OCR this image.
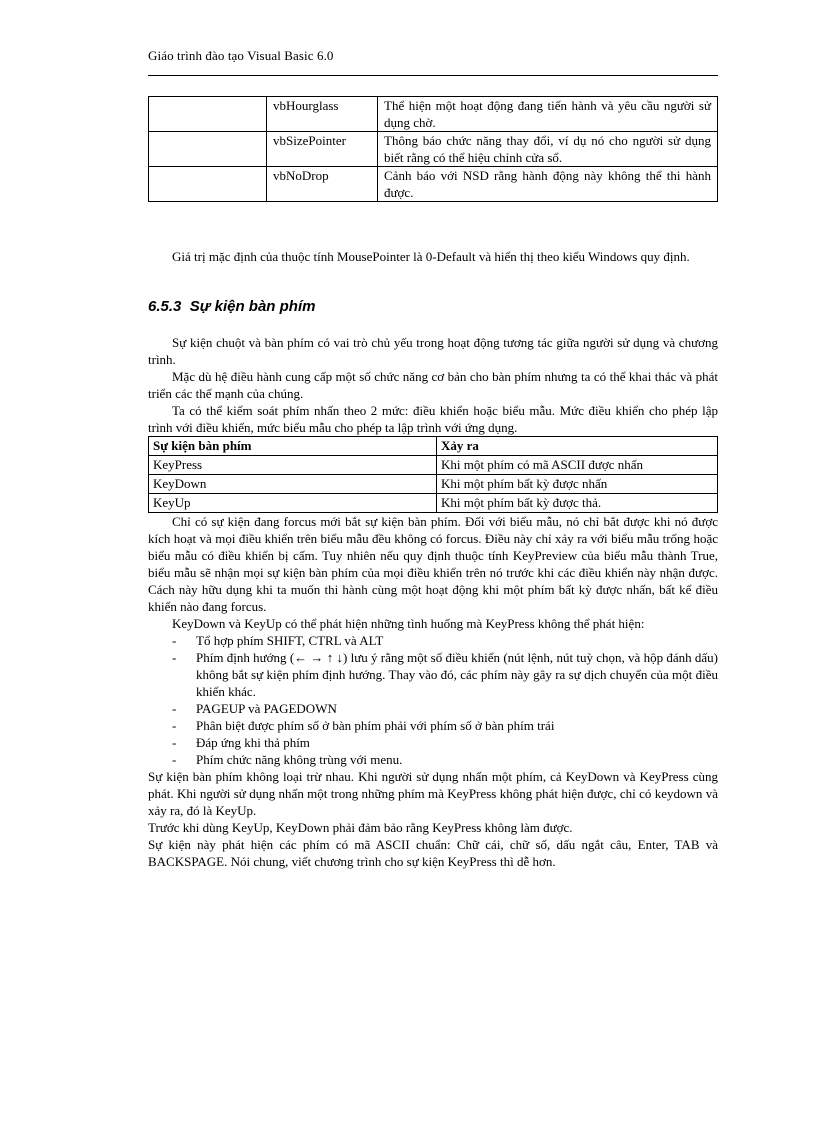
Giáo trình đào tạo Visual Basic 6.0
	vbHourglass	Thể hiện một hoạt động đang tiến hành và yêu cầu người sử dụng chờ.
	vbSizePointer	Thông báo chức năng thay đổi, ví dụ nó cho người sử dụng biết rằng có thể hiệu chỉnh cửa sổ.
	vbNoDrop	Cảnh báo với NSD rằng hành động này không thể thi hành được.

Giá trị mặc định của thuộc tính MousePointer là 0-Default và hiển thị theo kiểu Windows quy định.

6.5.3 Sự kiện bàn phím

Sự kiện chuột và bàn phím có vai trò chủ yếu trong hoạt động tương tác giữa người sử dụng và chương trình.

Mặc dù hệ điều hành cung cấp một số chức năng cơ bản cho bàn phím nhưng ta có thể khai thác và phát triển các thế mạnh của chúng.

Ta có thể kiểm soát phím nhấn theo 2 mức: điều khiển hoặc biểu mẫu. Mức điều khiển cho phép lập trình với điều khiển, mức biểu mẫu cho phép ta lập trình với ứng dụng.

Sự kiện bàn phím	Xảy ra
KeyPress	Khi một phím có mã ASCII được nhấn
KeyDown	Khi một phím bất kỳ được nhấn
KeyUp	Khi một phím bất kỳ được thả.

Chỉ có sự kiện đang forcus mới bắt sự kiện bàn phím. Đối với biểu mẫu, nó chỉ bắt được khi nó được kích hoạt và mọi điều khiển trên biểu mẫu đều không có forcus. Điều này chỉ xảy ra với biểu mẫu trống hoặc biểu mẫu có điều khiển bị cấm. Tuy nhiên nếu quy định thuộc tính KeyPreview của biểu mẫu thành True, biểu mẫu sẽ nhận mọi sự kiện bàn phím của mọi điều khiển trên nó trước khi các điều khiển này nhận được. Cách này hữu dụng khi ta muốn thi hành cùng một hoạt động khi một phím bất kỳ được nhấn, bất kể điều khiển nào đang forcus.

KeyDown và KeyUp có thể phát hiện những tình huống mà KeyPress không thể phát hiện:

- Tổ hợp phím SHIFT, CTRL và ALT
- Phím định hướng (← → ↑ ↓) lưu ý rằng một số điều khiển (nút lệnh, nút tuỳ chọn, và hộp đánh dấu) không bắt sự kiện phím định hướng. Thay vào đó, các phím này gây ra sự dịch chuyển của một điều khiển khác.
- PAGEUP và PAGEDOWN
- Phân biệt được phím số ở bàn phím phải với phím số ở bàn phím trái
- Đáp ứng khi thả phím
- Phím chức năng không trùng với menu.

Sự kiện bàn phím không loại trừ nhau. Khi người sử dụng nhấn một phím, cả KeyDown và KeyPress cùng phát. Khi người sử dụng nhấn một trong những phím mà KeyPress không phát hiện được, chỉ có keydown và xảy ra, đó là KeyUp.

Trước khi dùng KeyUp, KeyDown phải đảm bảo rằng KeyPress không làm được.

Sự kiện này phát hiện các phím có mã ASCII chuẩn: Chữ cái, chữ số, dấu ngắt câu, Enter, TAB và BACKSPAGE. Nói chung, viết chương trình cho sự kiện KeyPress thì dễ hơn.
